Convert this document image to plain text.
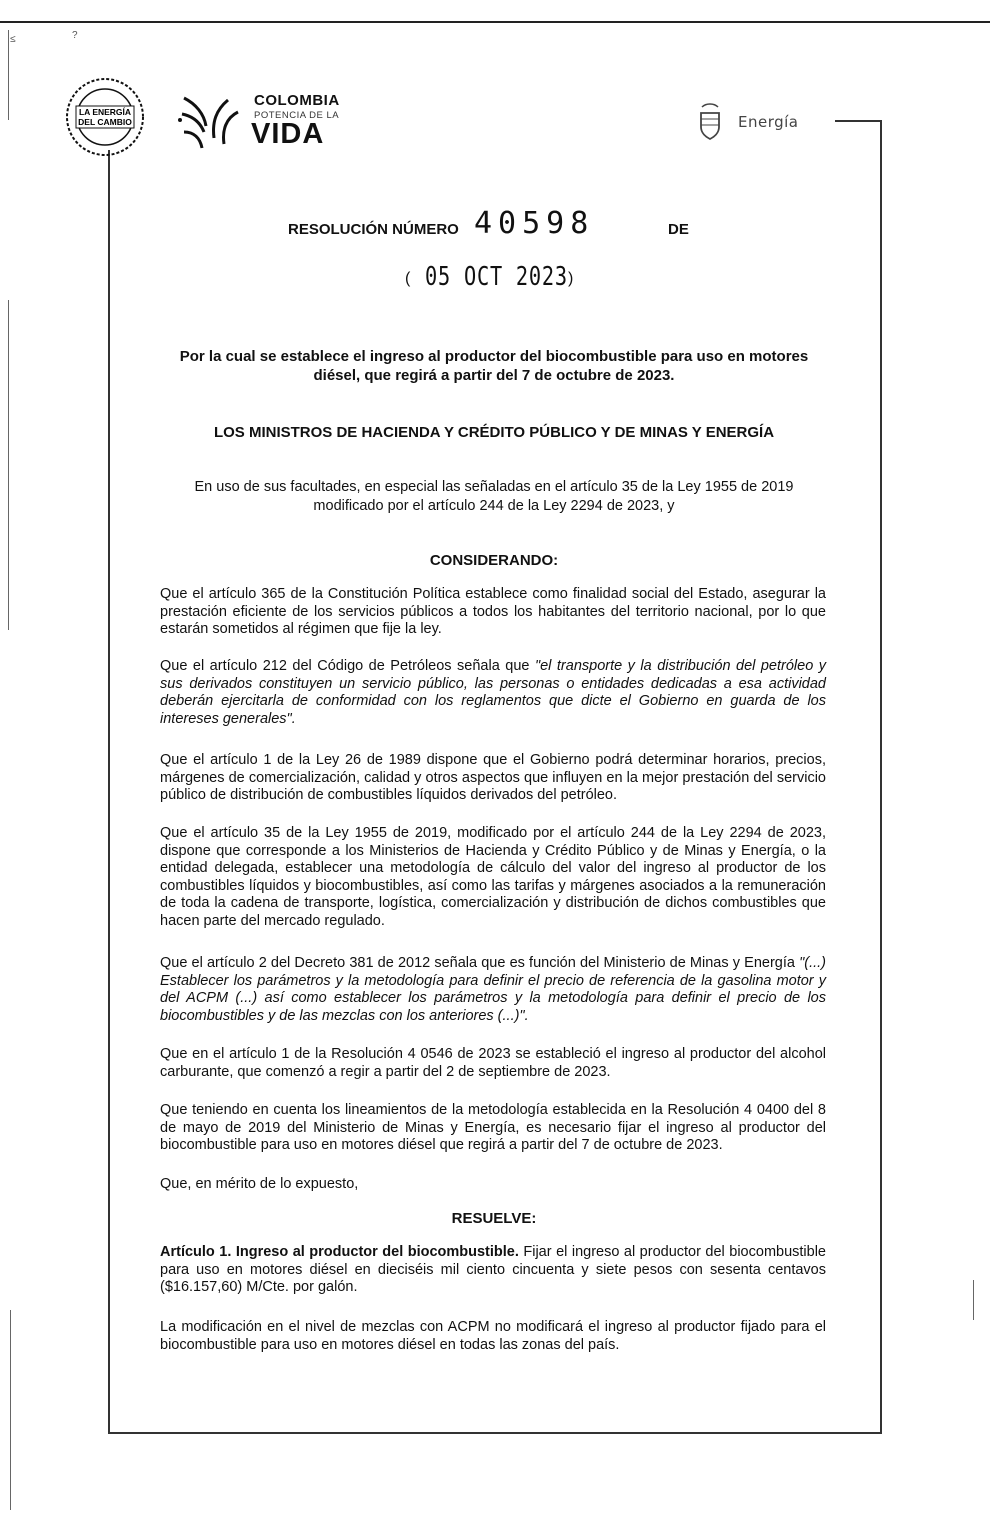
≤	?
LA ENERGÍA
DEL CAMBIO
COLOMBIA
POTENCIA DE LA
VIDA	Energía
RESOLUCIÓN NÚMERO 40598	DE
( 05 OCT 2023 )
Por la cual se establece el ingreso al productor del biocombustible para uso en motores diésel, que regirá a partir del 7 de octubre de 2023.
LOS MINISTROS DE HACIENDA Y CRÉDITO PÚBLICO Y DE MINAS Y ENERGÍA
En uso de sus facultades, en especial las señaladas en el artículo 35 de la Ley 1955 de 2019 modificado por el artículo 244 de la Ley 2294 de 2023, y
CONSIDERANDO:
Que el artículo 365 de la Constitución Política establece como finalidad social del Estado, asegurar la prestación eficiente de los servicios públicos a todos los habitantes del territorio nacional, por lo que estarán sometidos al régimen que fije la ley.
Que el artículo 212 del Código de Petróleos señala que "el transporte y la distribución del petróleo y sus derivados constituyen un servicio público, las personas o entidades dedicadas a esa actividad deberán ejercitarla de conformidad con los reglamentos que dicte el Gobierno en guarda de los intereses generales".
Que el artículo 1 de la Ley 26 de 1989 dispone que el Gobierno podrá determinar horarios, precios, márgenes de comercialización, calidad y otros aspectos que influyen en la mejor prestación del servicio público de distribución de combustibles líquidos derivados del petróleo.
Que el artículo 35 de la Ley 1955 de 2019, modificado por el artículo 244 de la Ley 2294 de 2023, dispone que corresponde a los Ministerios de Hacienda y Crédito Público y de Minas y Energía, o la entidad delegada, establecer una metodología de cálculo del valor del ingreso al productor de los combustibles líquidos y biocombustibles, así como las tarifas y márgenes asociados a la remuneración de toda la cadena de transporte, logística, comercialización y distribución de dichos combustibles que hacen parte del mercado regulado.
Que el artículo 2 del Decreto 381 de 2012 señala que es función del Ministerio de Minas y Energía "(...) Establecer los parámetros y la metodología para definir el precio de referencia de la gasolina motor y del ACPM (...) así como establecer los parámetros y la metodología para definir el precio de los biocombustibles y de las mezclas con los anteriores (...)".
Que en el artículo 1 de la Resolución 4 0546 de 2023 se estableció el ingreso al productor del alcohol carburante, que comenzó a regir a partir del 2 de septiembre de 2023.
Que teniendo en cuenta los lineamientos de la metodología establecida en la Resolución 4 0400 del 8 de mayo de 2019 del Ministerio de Minas y Energía, es necesario fijar el ingreso al productor del biocombustible para uso en motores diésel que regirá a partir del 7 de octubre de 2023.
Que, en mérito de lo expuesto,
RESUELVE:
Artículo 1. Ingreso al productor del biocombustible. Fijar el ingreso al productor del biocombustible para uso en motores diésel en dieciséis mil ciento cincuenta y siete pesos con sesenta centavos ($16.157,60) M/Cte. por galón.
La modificación en el nivel de mezclas con ACPM no modificará el ingreso al productor fijado para el biocombustible para uso en motores diésel en todas las zonas del país.
